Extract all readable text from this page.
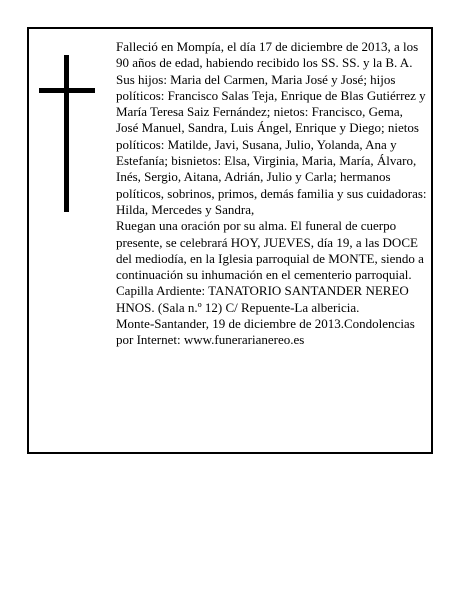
Falleció en Mompía, el día 17 de diciembre de 2013, a los 90 años de edad, habiendo recibido los SS. SS. y la B. A.
Sus hijos: Maria del Carmen, Maria José y José; hijos políticos: Francisco Salas Teja, Enrique de Blas Gutiérrez y María Teresa Saiz Fernández; nietos: Francisco, Gema, José Manuel, Sandra, Luis Ángel, Enrique y Diego; nietos políticos: Matilde, Javi, Susana, Julio, Yolanda, Ana y Estefanía; bisnietos: Elsa, Virginia, Maria, María, Álvaro, Inés, Sergio, Aitana, Adrián, Julio y Carla; hermanos políticos, sobrinos, primos, demás familia y sus cuidadoras: Hilda, Mercedes y Sandra,
Ruegan una oración por su alma. El funeral de cuerpo presente, se celebrará HOY, JUEVES, día 19, a las DOCE del mediodía, en la Iglesia parroquial de MONTE, siendo a continuación su inhumación en el cementerio parroquial. Capilla Ardiente: TANATORIO SANTANDER NEREO HNOS. (Sala n.º 12) C/ Repuente-La albericia.
Monte-Santander, 19 de diciembre de 2013.Condolencias por Internet: www.funerarianereo.es
